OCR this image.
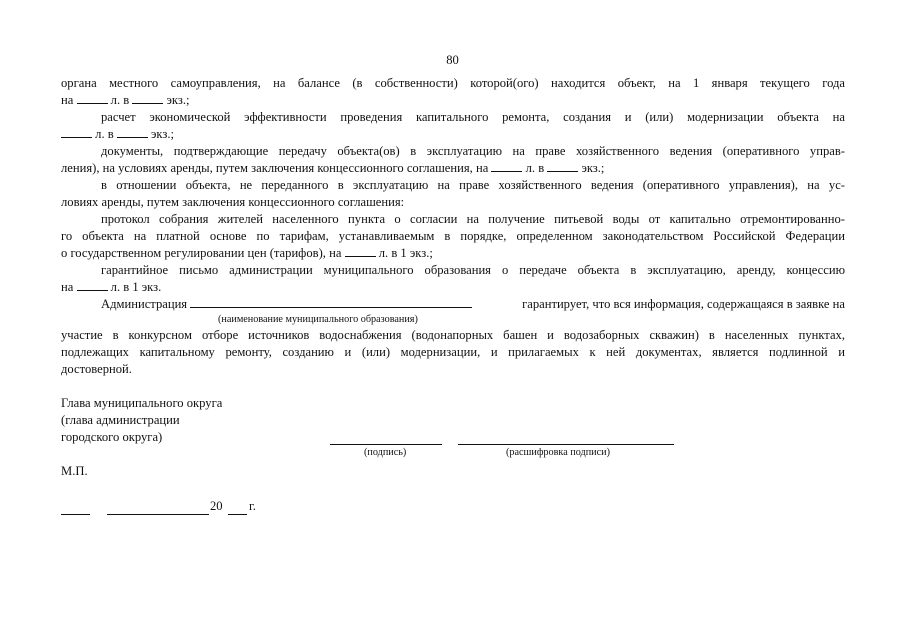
80
органа местного самоуправления, на балансе (в собственности) которой(ого) находится объект, на 1 января текущего года
на	л. в	экз.;
расчет экономической эффективности проведения капитального ремонта, создания и (или) модернизации объекта на
л. в	экз.;
документы, подтверждающие передачу объекта(ов) в эксплуатацию на праве хозяйственного ведения (оперативного управ-
ления), на условиях аренды, путем заключения концессионного соглашения, на	л. в	экз.;
в отношении объекта, не переданного в эксплуатацию на праве хозяйственного ведения (оперативного управления), на ус-
ловиях аренды, путем заключения концессионного соглашения:
протокол собрания жителей населенного пункта о согласии на получение питьевой воды от капитально отремонтированно-
го объекта на платной основе по тарифам, устанавливаемым в порядке, определенном законодательством Российской Федерации
о государственном регулировании цен (тарифов), на	л. в 1 экз.;
гарантийное письмо администрации муниципального образования о передаче объекта в эксплуатацию, аренду, концессию
на	л. в 1 экз.
Администрация	гарантирует, что вся информация, содержащаяся в заявке на
(наименование муниципального образования)
участие в конкурсном отборе источников водоснабжения (водонапорных башен и водозаборных скважин) в населенных пунктах,
подлежащих капитальному ремонту, созданию и (или) модернизации, и прилагаемых к ней документах, является подлинной и
достоверной.
Глава муниципального округа
(глава администрации
городского округа)
(подпись)	(расшифровка подписи)
М.П.
20 г.
